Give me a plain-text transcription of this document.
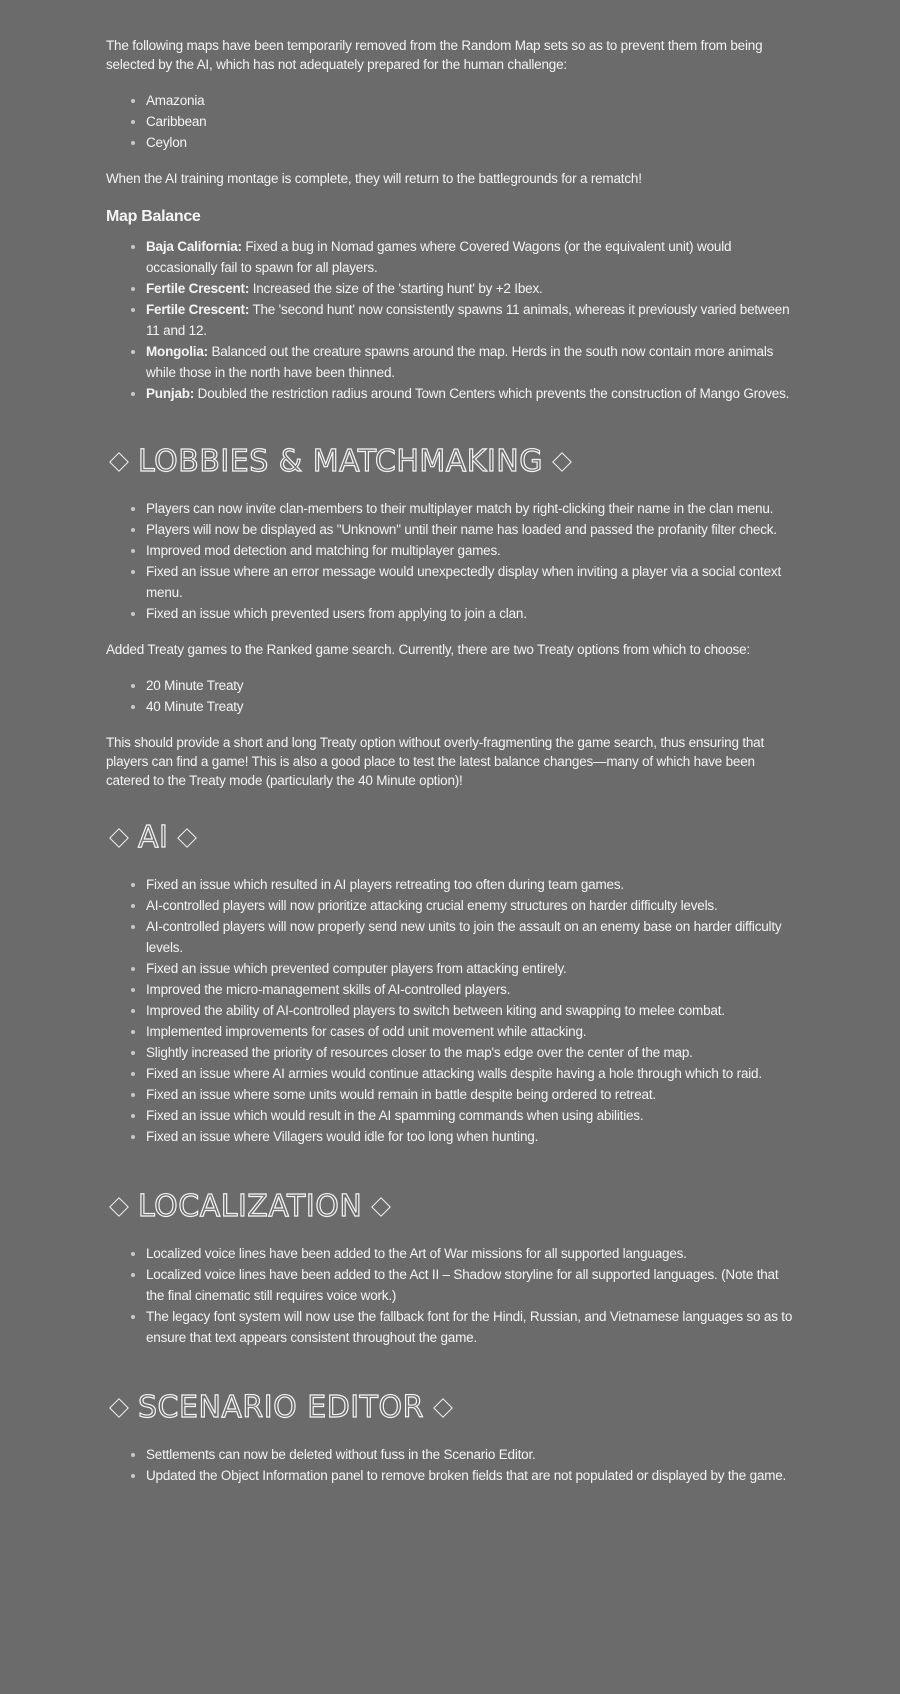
The following maps have been temporarily removed from the Random Map sets so as to prevent them from being selected by the AI, which has not adequately prepared for the human challenge:

• Amazonia
• Caribbean
• Ceylon

When the AI training montage is complete, they will return to the battlegrounds for a rematch!

Map Balance
• Baja California: Fixed a bug in Nomad games where Covered Wagons (or the equivalent unit) would occasionally fail to spawn for all players.
• Fertile Crescent: Increased the size of the 'starting hunt' by +2 Ibex.
• Fertile Crescent: The 'second hunt' now consistently spawns 11 animals, whereas it previously varied between 11 and 12.
• Mongolia: Balanced out the creature spawns around the map. Herds in the south now contain more animals while those in the north have been thinned.
• Punjab: Doubled the restriction radius around Town Centers which prevents the construction of Mango Groves.
LOBBIES & MATCHMAKING
• Players can now invite clan-members to their multiplayer match by right-clicking their name in the clan menu.
• Players will now be displayed as "Unknown" until their name has loaded and passed the profanity filter check.
• Improved mod detection and matching for multiplayer games.
• Fixed an issue where an error message would unexpectedly display when inviting a player via a social context menu.
• Fixed an issue which prevented users from applying to join a clan.

Added Treaty games to the Ranked game search. Currently, there are two Treaty options from which to choose:

• 20 Minute Treaty
• 40 Minute Treaty

This should provide a short and long Treaty option without overly-fragmenting the game search, thus ensuring that players can find a game! This is also a good place to test the latest balance changes—many of which have been catered to the Treaty mode (particularly the 40 Minute option)!

AI
• Fixed an issue which resulted in AI players retreating too often during team games.
• AI-controlled players will now prioritize attacking crucial enemy structures on harder difficulty levels.
• AI-controlled players will now properly send new units to join the assault on an enemy base on harder difficulty levels.
• Fixed an issue which prevented computer players from attacking entirely.
• Improved the micro-management skills of AI-controlled players.
• Improved the ability of AI-controlled players to switch between kiting and swapping to melee combat.
• Implemented improvements for cases of odd unit movement while attacking.
• Slightly increased the priority of resources closer to the map's edge over the center of the map.
• Fixed an issue where AI armies would continue attacking walls despite having a hole through which to raid.
• Fixed an issue where some units would remain in battle despite being ordered to retreat.
• Fixed an issue which would result in the AI spamming commands when using abilities.
• Fixed an issue where Villagers would idle for too long when hunting.
LOCALIZATION
• Localized voice lines have been added to the Art of War missions for all supported languages.
• Localized voice lines have been added to the Act II – Shadow storyline for all supported languages. (Note that the final cinematic still requires voice work.)
• The legacy font system will now use the fallback font for the Hindi, Russian, and Vietnamese languages so as to ensure that text appears consistent throughout the game.
SCENARIO EDITOR
• Settlements can now be deleted without fuss in the Scenario Editor.
• Updated the Object Information panel to remove broken fields that are not populated or displayed by the game.
